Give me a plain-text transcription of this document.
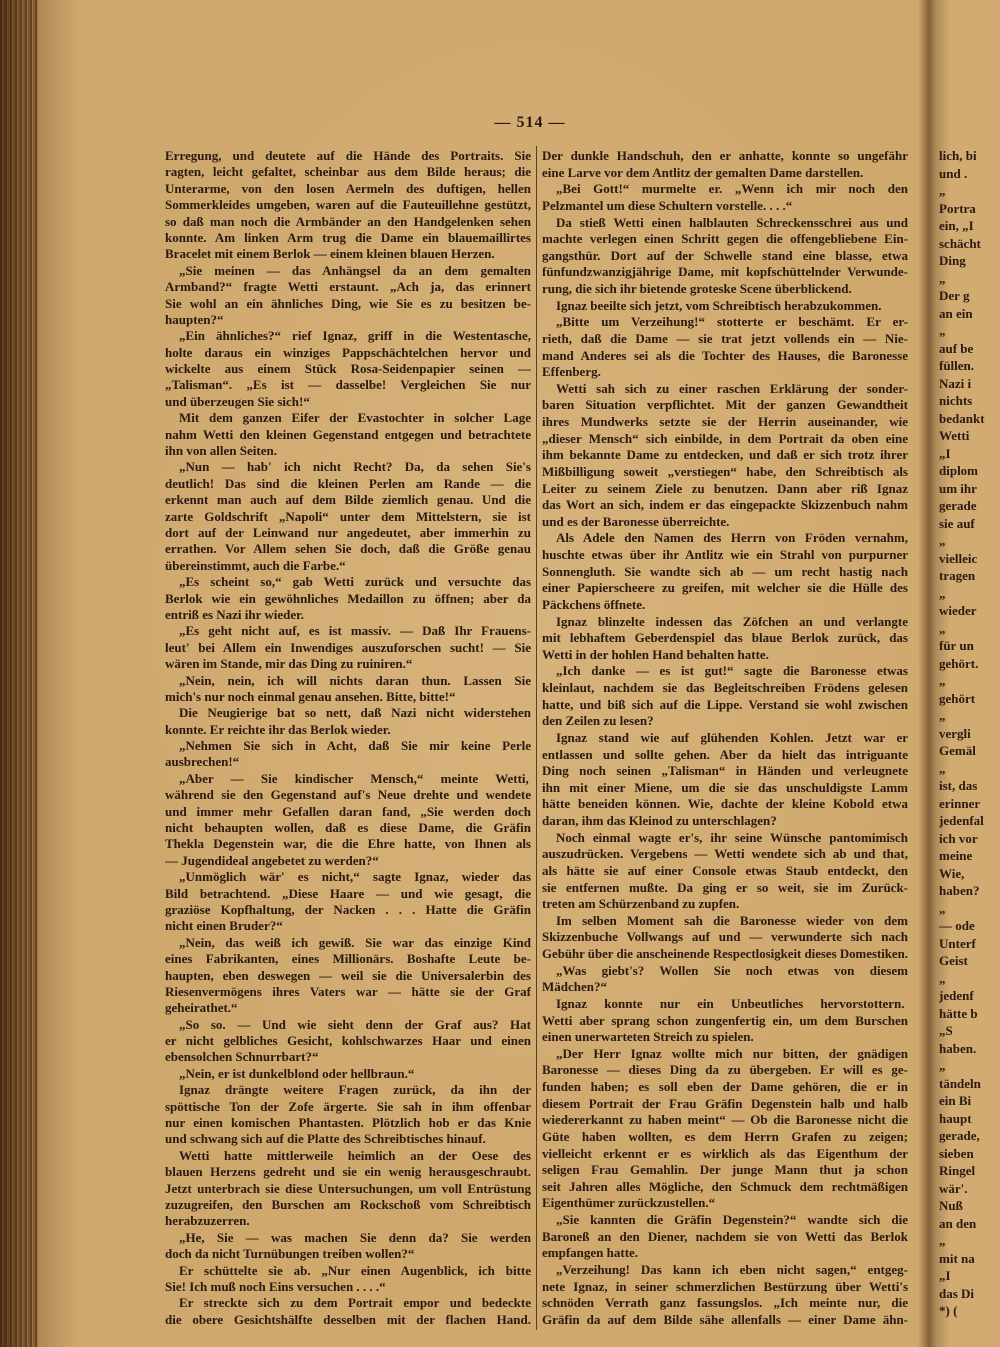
— 514 —
Erregung, und deutete auf die Hände des Portraits. Sie
ragten, leicht gefaltet, scheinbar aus dem Bilde heraus; die
Unterarme, von den losen Aermeln des duftigen, hellen
Sommerkleides umgeben, waren auf die Fauteuillehne gestützt,
so daß man noch die Armbänder an den Handgelenken sehen
konnte. Am linken Arm trug die Dame ein blauemaillirtes
Bracelet mit einem Berlok — einem kleinen blauen Herzen.
„Sie meinen — das Anhängsel da an dem gemalten
Armband?“ fragte Wetti erstaunt. „Ach ja, das erinnert
Sie wohl an ein ähnliches Ding, wie Sie es zu besitzen be-
haupten?“
„Ein ähnliches?“ rief Ignaz, griff in die Westentasche,
holte daraus ein winziges Pappschächtelchen hervor und
wickelte aus einem Stück Rosa-Seidenpapier seinen —
„Talisman“. „Es ist — dasselbe! Vergleichen Sie nur
und überzeugen Sie sich!“
Mit dem ganzen Eifer der Evastochter in solcher Lage
nahm Wetti den kleinen Gegenstand entgegen und betrachtete
ihn von allen Seiten.
„Nun — hab' ich nicht Recht? Da, da sehen Sie's
deutlich! Das sind die kleinen Perlen am Rande — die
erkennt man auch auf dem Bilde ziemlich genau. Und die
zarte Goldschrift „Napoli“ unter dem Mittelstern, sie ist
dort auf der Leinwand nur angedeutet, aber immerhin zu
errathen. Vor Allem sehen Sie doch, daß die Größe genau
übereinstimmt, auch die Farbe.“
„Es scheint so,“ gab Wetti zurück und versuchte das
Berlok wie ein gewöhnliches Medaillon zu öffnen; aber da
entriß es Nazi ihr wieder.
„Es geht nicht auf, es ist massiv. — Daß Ihr Frauens-
leut' bei Allem ein Inwendiges auszuforschen sucht! — Sie
wären im Stande, mir das Ding zu ruiniren.“
„Nein, nein, ich will nichts daran thun. Lassen Sie
mich's nur noch einmal genau ansehen. Bitte, bitte!“
Die Neugierige bat so nett, daß Nazi nicht widerstehen
konnte. Er reichte ihr das Berlok wieder.
„Nehmen Sie sich in Acht, daß Sie mir keine Perle
ausbrechen!“
„Aber — Sie kindischer Mensch,“ meinte Wetti,
während sie den Gegenstand auf's Neue drehte und wendete
und immer mehr Gefallen daran fand, „Sie werden doch
nicht behaupten wollen, daß es diese Dame, die Gräfin
Thekla Degenstein war, die die Ehre hatte, von Ihnen als
— Jugendideal angebetet zu werden?“
„Unmöglich wär' es nicht,“ sagte Ignaz, wieder das
Bild betrachtend. „Diese Haare — und wie gesagt, die
graziöse Kopfhaltung, der Nacken . . . Hatte die Gräfin
nicht einen Bruder?“
„Nein, das weiß ich gewiß. Sie war das einzige Kind
eines Fabrikanten, eines Millionärs. Boshafte Leute be-
haupten, eben deswegen — weil sie die Universalerbin des
Riesenvermögens ihres Vaters war — hätte sie der Graf
geheirathet.“
„So so. — Und wie sieht denn der Graf aus? Hat
er nicht gelbliches Gesicht, kohlschwarzes Haar und einen
ebensolchen Schnurrbart?“
„Nein, er ist dunkelblond oder hellbraun.“
Ignaz drängte weitere Fragen zurück, da ihn der
spöttische Ton der Zofe ärgerte. Sie sah in ihm offenbar
nur einen komischen Phantasten. Plötzlich hob er das Knie
und schwang sich auf die Platte des Schreibtisches hinauf.
Wetti hatte mittlerweile heimlich an der Oese des
blauen Herzens gedreht und sie ein wenig herausgeschraubt.
Jetzt unterbrach sie diese Untersuchungen, um voll Entrüstung
zuzugreifen, den Burschen am Rockschoß vom Schreibtisch
herabzuzerren.
„He, Sie — was machen Sie denn da? Sie werden
doch da nicht Turnübungen treiben wollen?“
Er schüttelte sie ab. „Nur einen Augenblick, ich bitte
Sie! Ich muß noch Eins versuchen . . . .“
Er streckte sich zu dem Portrait empor und bedeckte
die obere Gesichtshälfte desselben mit der flachen Hand.
Der dunkle Handschuh, den er anhatte, konnte so ungefähr
eine Larve vor dem Antlitz der gemalten Dame darstellen.
„Bei Gott!“ murmelte er. „Wenn ich mir noch den
Pelzmantel um diese Schultern vorstelle. . . .“
Da stieß Wetti einen halblauten Schreckensschrei aus und
machte verlegen einen Schritt gegen die offengebliebene Ein-
gangsthür. Dort auf der Schwelle stand eine blasse, etwa
fünfundzwanzigjährige Dame, mit kopfschüttelnder Verwunde-
rung, die sich ihr bietende groteske Scene überblickend.
Ignaz beeilte sich jetzt, vom Schreibtisch herabzukommen.
„Bitte um Verzeihung!“ stotterte er beschämt. Er er-
rieth, daß die Dame — sie trat jetzt vollends ein — Nie-
mand Anderes sei als die Tochter des Hauses, die Baronesse
Effenberg.
Wetti sah sich zu einer raschen Erklärung der sonder-
baren Situation verpflichtet. Mit der ganzen Gewandtheit
ihres Mundwerks setzte sie der Herrin auseinander, wie
„dieser Mensch“ sich einbilde, in dem Portrait da oben eine
ihm bekannte Dame zu entdecken, und daß er sich trotz ihrer
Mißbilligung soweit „verstiegen“ habe, den Schreibtisch als
Leiter zu seinem Ziele zu benutzen. Dann aber riß Ignaz
das Wort an sich, indem er das eingepackte Skizzenbuch nahm
und es der Baronesse überreichte.
Als Adele den Namen des Herrn von Fröden vernahm,
huschte etwas über ihr Antlitz wie ein Strahl von purpurner
Sonnengluth. Sie wandte sich ab — um recht hastig nach
einer Papierscheere zu greifen, mit welcher sie die Hülle des
Päckchens öffnete.
Ignaz blinzelte indessen das Zöfchen an und verlangte
mit lebhaftem Geberdenspiel das blaue Berlok zurück, das
Wetti in der hohlen Hand behalten hatte.
„Ich danke — es ist gut!“ sagte die Baronesse etwas
kleinlaut, nachdem sie das Begleitschreiben Frödens gelesen
hatte, und biß sich auf die Lippe. Verstand sie wohl zwischen
den Zeilen zu lesen?
Ignaz stand wie auf glühenden Kohlen. Jetzt war er
entlassen und sollte gehen. Aber da hielt das intriguante
Ding noch seinen „Talisman“ in Händen und verleugnete
ihn mit einer Miene, um die sie das unschuldigste Lamm
hätte beneiden können. Wie, dachte der kleine Kobold etwa
daran, ihm das Kleinod zu unterschlagen?
Noch einmal wagte er's, ihr seine Wünsche pantomimisch
auszudrücken. Vergebens — Wetti wendete sich ab und that,
als hätte sie auf einer Console etwas Staub entdeckt, den
sie entfernen mußte. Da ging er so weit, sie im Zurück-
treten am Schürzenband zu zupfen.
Im selben Moment sah die Baronesse wieder von dem
Skizzenbuche Vollwangs auf und — verwunderte sich nach
Gebühr über die anscheinende Respectlosigkeit dieses Domestiken.
„Was giebt's? Wollen Sie noch etwas von diesem
Mädchen?“
Ignaz konnte nur ein Unbeutliches hervorstottern.
Wetti aber sprang schon zungenfertig ein, um dem Burschen
einen unerwarteten Streich zu spielen.
„Der Herr Ignaz wollte mich nur bitten, der gnädigen
Baronesse — dieses Ding da zu übergeben. Er will es ge-
funden haben; es soll eben der Dame gehören, die er in
diesem Portrait der Frau Gräfin Degenstein halb und halb
wiedererkannt zu haben meint“ — Ob die Baronesse nicht die
Güte haben wollten, es dem Herrn Grafen zu zeigen;
vielleicht erkennt er es wirklich als das Eigenthum der
seligen Frau Gemahlin. Der junge Mann thut ja schon
seit Jahren alles Mögliche, den Schmuck dem rechtmäßigen
Eigenthümer zurückzustellen.“
„Sie kannten die Gräfin Degenstein?“ wandte sich die
Baroneß an den Diener, nachdem sie von Wetti das Berlok
empfangen hatte.
„Verzeihung! Das kann ich eben nicht sagen,“ entgeg-
nete Ignaz, in seiner schmerzlichen Bestürzung über Wetti's
schnöden Verrath ganz fassungslos. „Ich meinte nur, die
Gräfin da auf dem Bilde sähe allenfalls — einer Dame ähn-
lich, bi
und .
„
Portra
ein, „I
schächt
Ding
„
Der g
an ein
„
auf be
füllen.
Nazi i
nichts
bedankt
Wetti
„I
diplom
um ihr
gerade
sie auf
„
vielleic
tragen
„
wieder
„
für un
gehört.
„
gehört
„
vergli
Gemäl
„
ist, das
erinner
jedenfal
ich vor
meine
Wie,
haben?
„
— ode
Unterf
Geist
„
jedenf
hätte b
„S
haben.
„
tändeln
ein Bi
haupt
gerade,
sieben
Ringel
wär'.
Nuß
an den
„
mit na
„I
das Di
*) (
